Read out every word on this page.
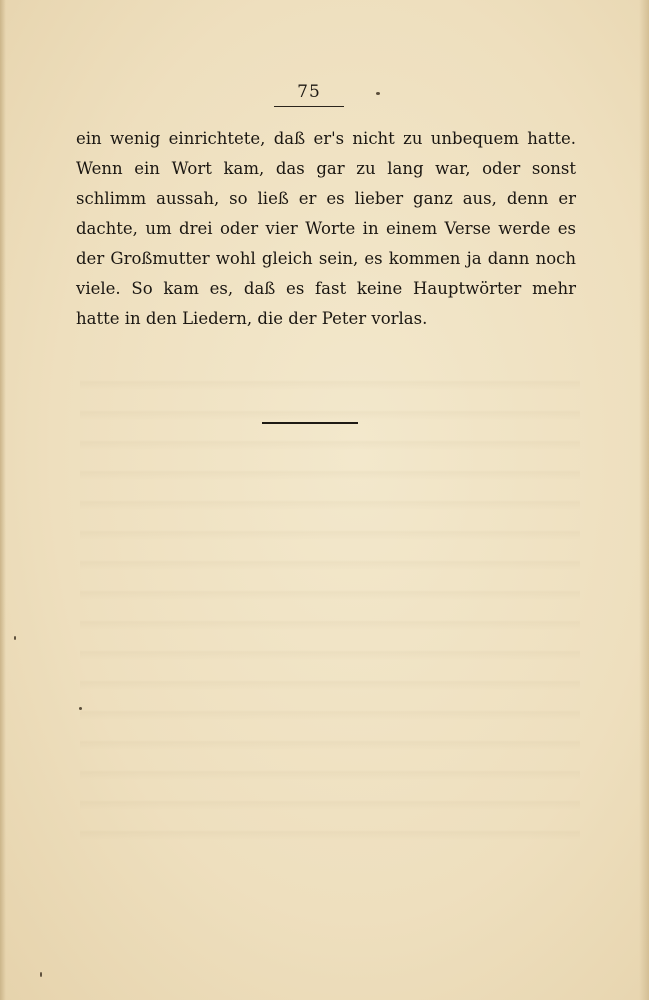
75
ein wenig einrichtete, daß er's nicht zu unbequem hatte.
Wenn ein Wort kam, das gar zu lang war, oder sonst
schlimm aussah, so ließ er es lieber ganz aus, denn er
dachte, um drei oder vier Worte in einem Verse werde es
der Großmutter wohl gleich sein, es kommen ja dann noch
viele. So kam es, daß es fast keine Hauptwörter mehr
hatte in den Liedern, die der Peter vorlas.
